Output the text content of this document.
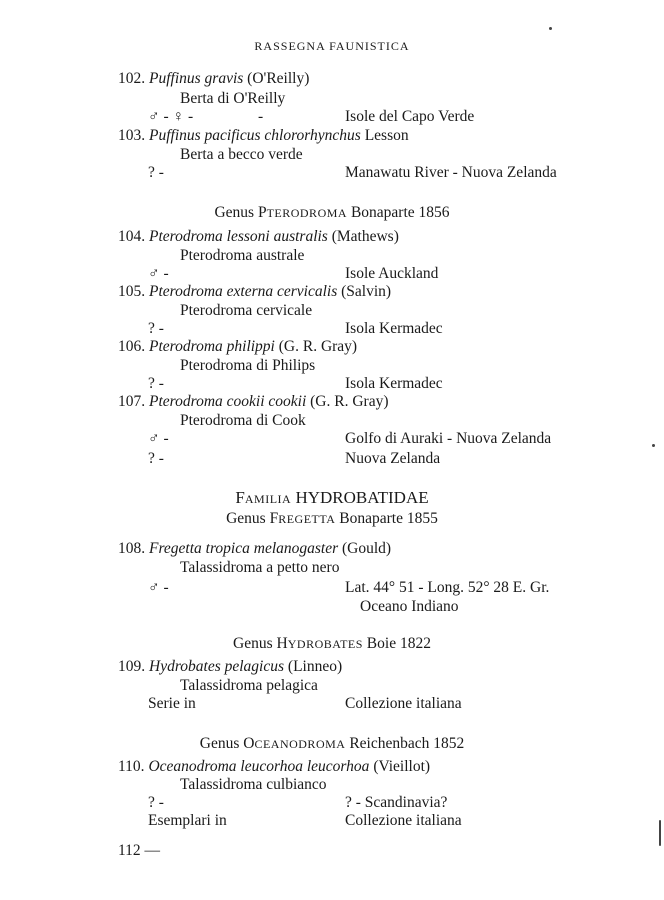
RASSEGNA FAUNISTICA
102. Puffinus gravis (O'Reilly)
Berta di O'Reilly
♂ - ♀ -	-	Isole del Capo Verde
103. Puffinus pacificus chlororhynchus Lesson
Berta a becco verde
? -	Manawatu River - Nuova Zelanda
Genus PTERODROMA Bonaparte 1856
104. Pterodroma lessoni australis (Mathews)
Pterodroma australe
♂ -	Isole Auckland
105. Pterodroma externa cervicalis (Salvin)
Pterodroma cervicale
? -	Isola Kermadec
106. Pterodroma philippi (G. R. Gray)
Pterodroma di Philips
? -	Isola Kermadec
107. Pterodroma cookii cookii (G. R. Gray)
Pterodroma di Cook
♂ -	Golfo di Auraki - Nuova Zelanda
? -	Nuova Zelanda
FAMILIA HYDROBATIDAE
Genus FREGETTA Bonaparte 1855
108. Fregetta tropica melanogaster (Gould)
Talassidroma a petto nero
♂ -	Lat. 44° 51 - Long. 52° 28 E. Gr.
Oceano Indiano
Genus HYDROBATES Boie 1822
109. Hydrobates pelagicus (Linneo)
Talassidroma pelagica
Serie in	Collezione italiana
Genus OCEANODROMA Reichenbach 1852
110. Oceanodroma leucorhoa leucorhoa (Vieillot)
Talassidroma culbianco
? -	? - Scandinavia?
Esemplari in	Collezione italiana
112 —
